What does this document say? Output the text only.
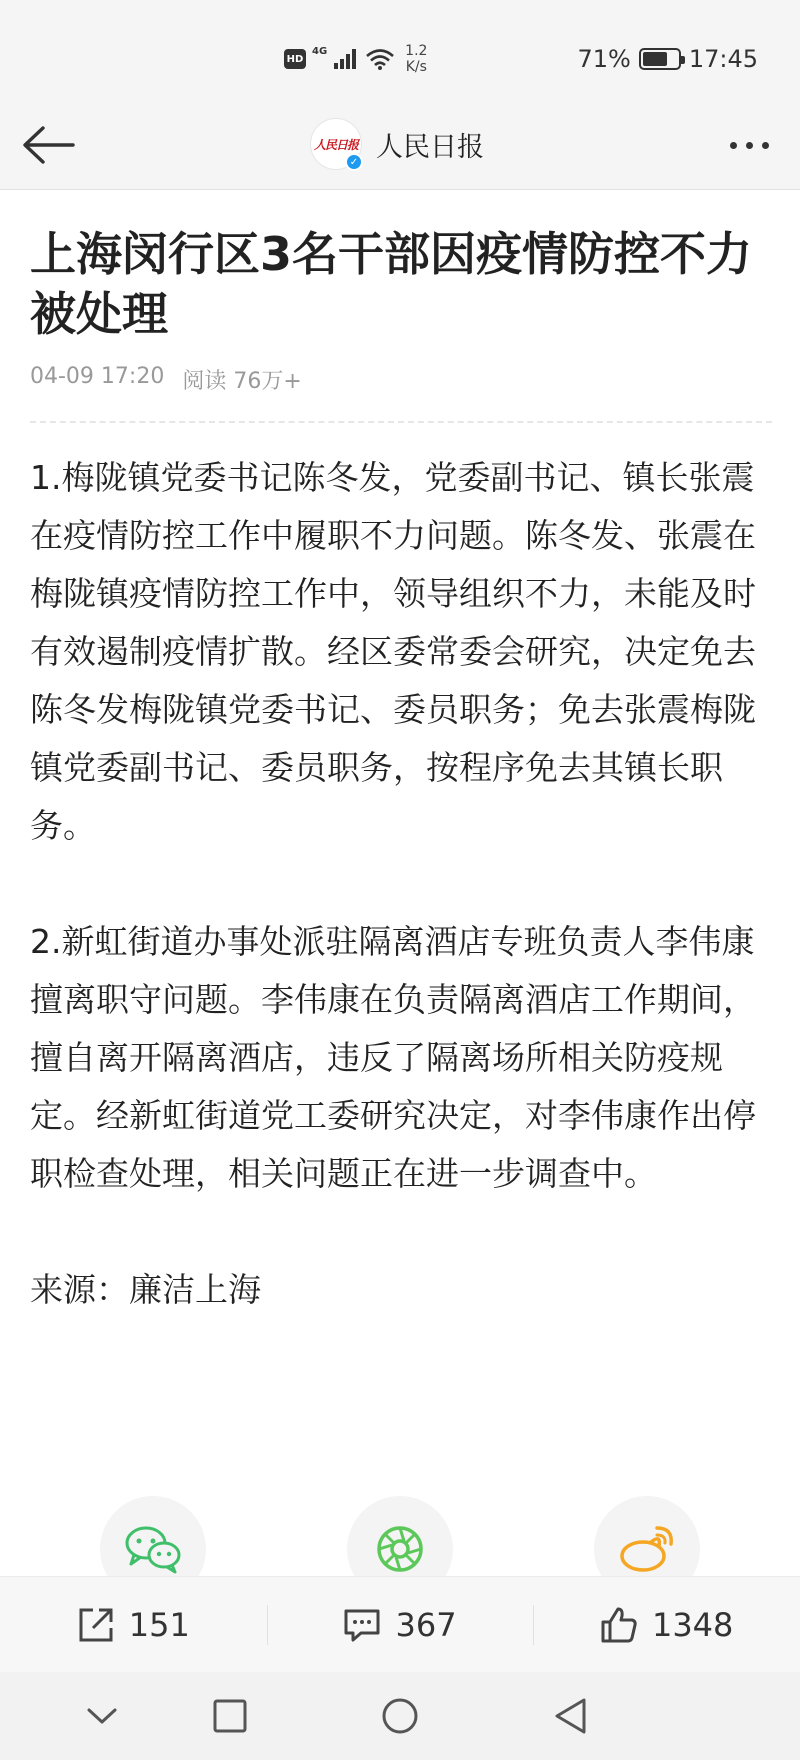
HD
4G	1.2
K/s	71% 17:45
人民日报
✓ 人民日报
上海闵行区3名干部因疫情防控不力被处理
04-09 17:20 阅读 76万+

1.梅陇镇党委书记陈冬发，党委副书记、镇长张震在疫情防控工作中履职不力问题。陈冬发、张震在梅陇镇疫情防控工作中，领导组织不力，未能及时有效遏制疫情扩散。经区委常委会研究，决定免去陈冬发梅陇镇党委书记、委员职务；免去张震梅陇镇党委副书记、委员职务，按程序免去其镇长职务。

2.新虹街道办事处派驻隔离酒店专班负责人李伟康擅离职守问题。李伟康在负责隔离酒店工作期间，擅自离开隔离酒店，违反了隔离场所相关防疫规定。经新虹街道党工委研究决定，对李伟康作出停职检查处理，相关问题正在进一步调查中。

来源：廉洁上海

151	367	1348
